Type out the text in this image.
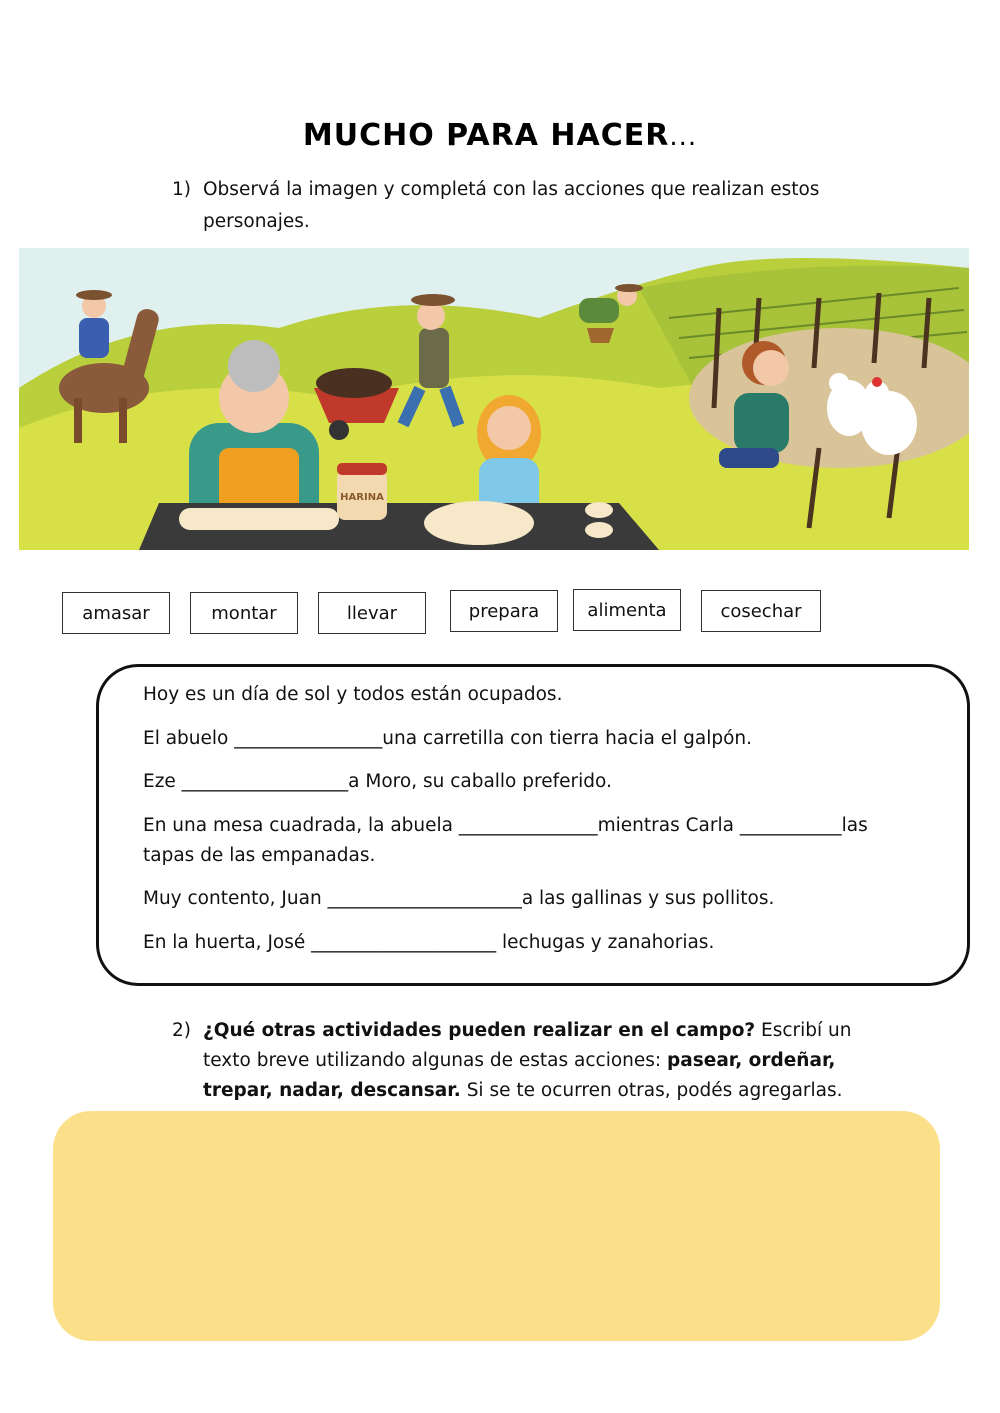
MUCHO PARA HACER...
1) Observá la imagen y completá con las acciones que realizan estos personajes.
HARINA
amasar	montar	llevar	prepara	alimenta	cosechar
Hoy es un día de sol y todos están ocupados.
El abuelo ________________una carretilla con tierra hacia el galpón.
Eze __________________a Moro, su caballo preferido.
En una mesa cuadrada, la abuela _______________mientras Carla ___________las
tapas de las empanadas.
Muy contento, Juan _____________________a las gallinas y sus pollitos.
En la huerta, José ____________________ lechugas y zanahorias.
2) ¿Qué otras actividades pueden realizar en el campo? Escribí un texto breve utilizando algunas de estas acciones: pasear, ordeñar, trepar, nadar, descansar. Si se te ocurren otras, podés agregarlas.
